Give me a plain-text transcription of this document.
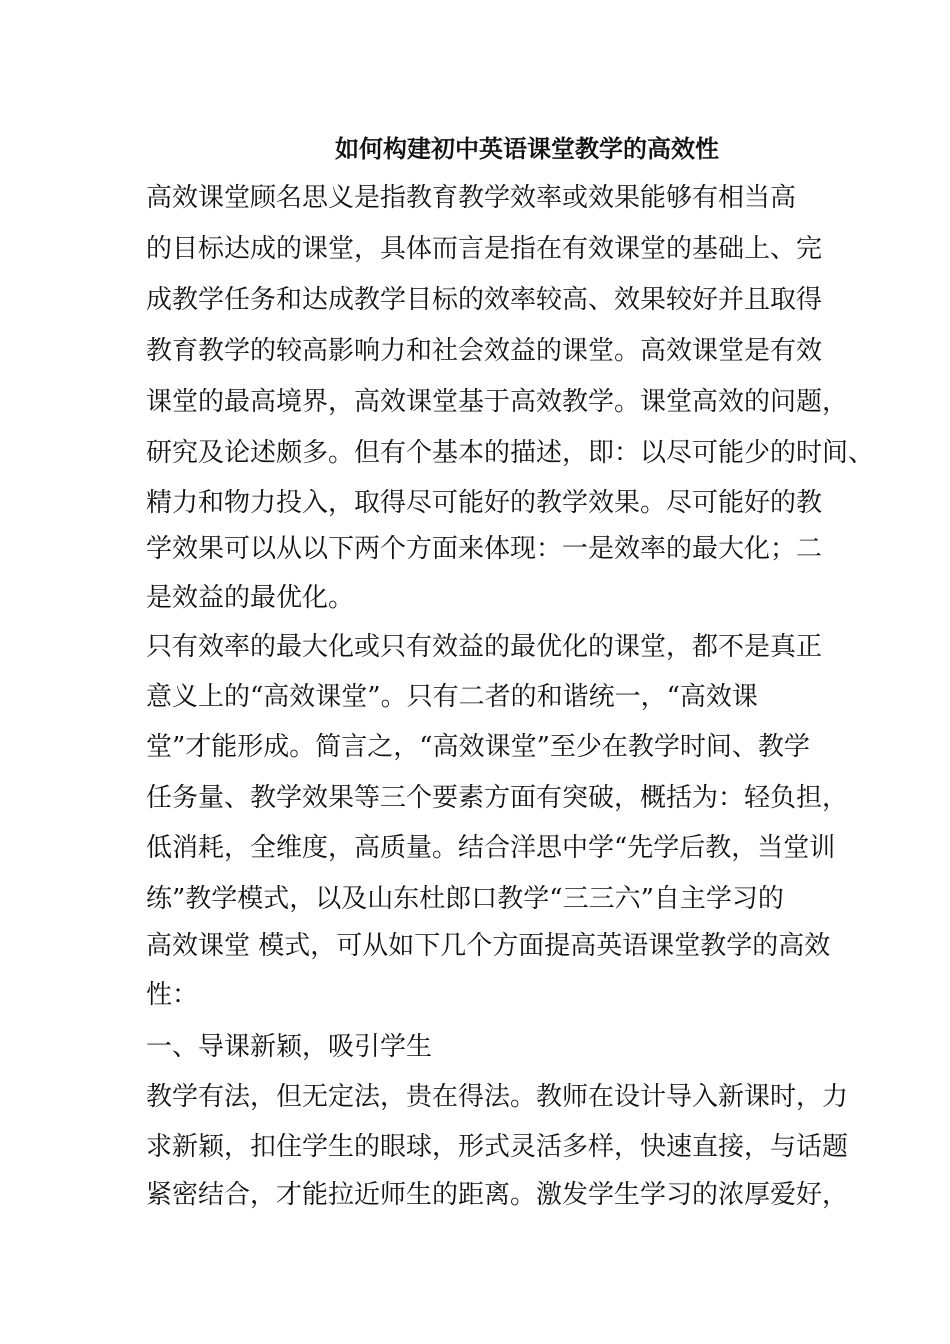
如何构建初中英语课堂教学的高效性

高效课堂顾名思义是指教育教学效率或效果能够有相当高

的目标达成的课堂，具体而言是指在有效课堂的基础上、完

成教学任务和达成教学目标的效率较高、效果较好并且取得

教育教学的较高影响力和社会效益的课堂。高效课堂是有效

课堂的最高境界，高效课堂基于高效教学。课堂高效的问题，

研究及论述颇多。但有个基本的描述，即：以尽可能少的时间、

精力和物力投入，取得尽可能好的教学效果。尽可能好的教

学效果可以从以下两个方面来体现：一是效率的最大化；二

是效益的最优化。

只有效率的最大化或只有效益的最优化的课堂，都不是真正

意义上的“高效课堂”。只有二者的和谐统一，“高效课

堂”才能形成。简言之，“高效课堂”至少在教学时间、教学

任务量、教学效果等三个要素方面有突破，概括为：轻负担，

低消耗，全维度，高质量。结合洋思中学“先学后教，当堂训

练”教学模式，以及山东杜郎口教学“三三六”自主学习的

高效课堂 模式，可从如下几个方面提高英语课堂教学的高效

性：

一、导课新颖，吸引学生

教学有法，但无定法，贵在得法。教师在设计导入新课时，力

求新颖，扣住学生的眼球，形式灵活多样，快速直接，与话题

紧密结合，才能拉近师生的距离。激发学生学习的浓厚爱好，
